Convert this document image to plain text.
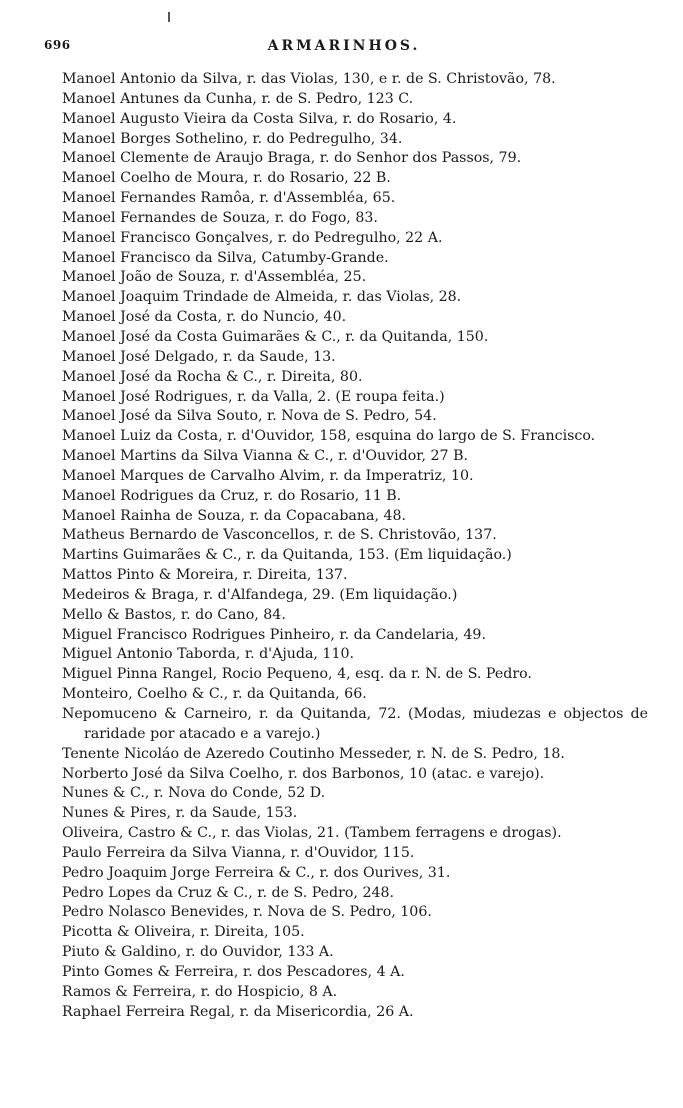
696	ARMARINHOS.
Manoel Antonio da Silva, r. das Violas, 130, e r. de S. Christovão, 78.
Manoel Antunes da Cunha, r. de S. Pedro, 123 C.
Manoel Augusto Vieira da Costa Silva, r. do Rosario, 4.
Manoel Borges Sothelino, r. do Pedregulho, 34.
Manoel Clemente de Araujo Braga, r. do Senhor dos Passos, 79.
Manoel Coelho de Moura, r. do Rosario, 22 B.
Manoel Fernandes Ramôa, r. d'Assembléa, 65.
Manoel Fernandes de Souza, r. do Fogo, 83.
Manoel Francisco Gonçalves, r. do Pedregulho, 22 A.
Manoel Francisco da Silva, Catumby-Grande.
Manoel João de Souza, r. d'Assembléa, 25.
Manoel Joaquim Trindade de Almeida, r. das Violas, 28.
Manoel José da Costa, r. do Nuncio, 40.
Manoel José da Costa Guimarães & C., r. da Quitanda, 150.
Manoel José Delgado, r. da Saude, 13.
Manoel José da Rocha & C., r. Direita, 80.
Manoel José Rodrigues, r. da Valla, 2. (E roupa feita.)
Manoel José da Silva Souto, r. Nova de S. Pedro, 54.
Manoel Luiz da Costa, r. d'Ouvidor, 158, esquina do largo de S. Francisco.
Manoel Martins da Silva Vianna & C., r. d'Ouvidor, 27 B.
Manoel Marques de Carvalho Alvim, r. da Imperatriz, 10.
Manoel Rodrigues da Cruz, r. do Rosario, 11 B.
Manoel Rainha de Souza, r. da Copacabana, 48.
Matheus Bernardo de Vasconcellos, r. de S. Christovão, 137.
Martins Guimarães & C., r. da Quitanda, 153. (Em liquidação.)
Mattos Pinto & Moreira, r. Direita, 137.
Medeiros & Braga, r. d'Alfandega, 29. (Em liquidação.)
Mello & Bastos, r. do Cano, 84.
Miguel Francisco Rodrigues Pinheiro, r. da Candelaria, 49.
Miguel Antonio Taborda, r. d'Ajuda, 110.
Miguel Pinna Rangel, Rocio Pequeno, 4, esq. da r. N. de S. Pedro.
Monteiro, Coelho & C., r. da Quitanda, 66.
Nepomuceno & Carneiro, r. da Quitanda, 72. (Modas, miudezas e objectos de raridade por atacado e a varejo.)
Tenente Nicoláo de Azeredo Coutinho Messeder, r. N. de S. Pedro, 18.
Norberto José da Silva Coelho, r. dos Barbonos, 10 (atac. e varejo).
Nunes & C., r. Nova do Conde, 52 D.
Nunes & Pires, r. da Saude, 153.
Oliveira, Castro & C., r. das Violas, 21. (Tambem ferragens e drogas).
Paulo Ferreira da Silva Vianna, r. d'Ouvidor, 115.
Pedro Joaquim Jorge Ferreira & C., r. dos Ourives, 31.
Pedro Lopes da Cruz & C., r. de S. Pedro, 248.
Pedro Nolasco Benevides, r. Nova de S. Pedro, 106.
Picotta & Oliveira, r. Direita, 105.
Piuto & Galdino, r. do Ouvidor, 133 A.
Pinto Gomes & Ferreira, r. dos Pescadores, 4 A.
Ramos & Ferreira, r. do Hospicio, 8 A.
Raphael Ferreira Regal, r. da Misericordia, 26 A.
